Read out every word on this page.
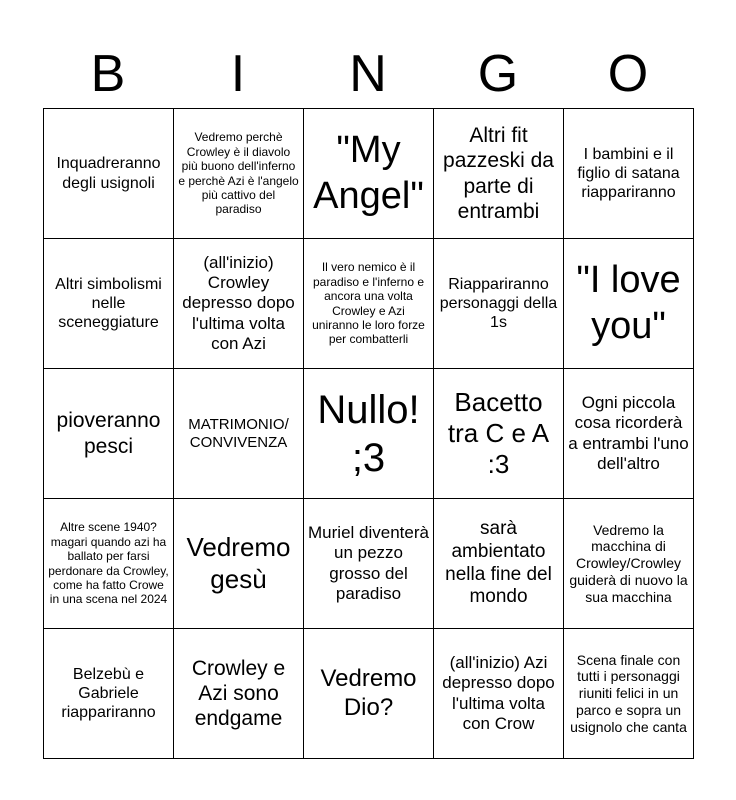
B	I	N	G	O
Inquadreranno degli usignoli	Vedremo perchè Crowley è il diavolo più buono dell'inferno e perchè Azi è l'angelo più cattivo del paradiso	"My Angel"	Altri fit pazzeski da parte di entrambi	I bambini e il figlio di satana riappariranno
Altri simbolismi nelle sceneggiature	(all'inizio) Crowley depresso dopo l'ultima volta con Azi	Il vero nemico è il paradiso e l'inferno e ancora una volta Crowley e Azi uniranno le loro forze per combatterli	Riappariranno personaggi della 1s	"I love you"
pioveranno pesci	MATRIMONIO/ CONVIVENZA	Nullo! ;3	Bacetto tra C e A :3	Ogni piccola cosa ricorderà a entrambi l'uno dell'altro
Altre scene 1940? magari quando azi ha ballato per farsi perdonare da Crowley, come ha fatto Crowe in una scena nel 2024	Vedremo gesù	Muriel diventerà un pezzo grosso del paradiso	sarà ambientato nella fine del mondo	Vedremo la macchina di Crowley/Crowley guiderà di nuovo la sua macchina
Belzebù e Gabriele riappariranno	Crowley e Azi sono endgame	Vedremo Dio?	(all'inizio) Azi depresso dopo l'ultima volta con Crow	Scena finale con tutti i personaggi riuniti felici in un parco e sopra un usignolo che canta
